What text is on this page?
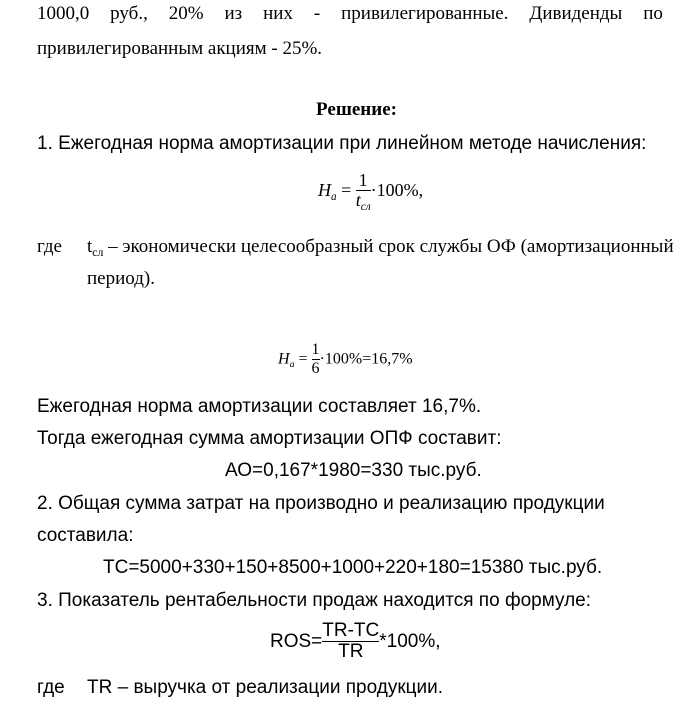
1000,0 руб., 20% из них - привилегированные. Дивиденды по
привилегированным акциям - 25%.
Решение:
1. Ежегодная норма амортизации при линейном методе начисления:
$Н_а = \frac{1}{t_{сл}} \cdot 100\%$,
где $t_{сл}$ – экономически целесообразный срок службы ОФ (амортизационный
период).
$Н_а = \frac{1}{6} \cdot 100\%=16,7\%$
Ежегодная норма амортизации составляет 16,7%.
Тогда ежегодная сумма амортизации ОПФ составит:
АО=0,167*1980=330 тыс.руб.
2. Общая сумма затрат на производно и реализацию продукции
составила:
ТС=5000+330+150+8500+1000+220+180=15380 тыс.руб.
3. Показатель рентабельности продаж находится по формуле:
$ROS= \frac{TR-TC}{TR} *100\%$,
где TR – выручка от реализации продукции.
